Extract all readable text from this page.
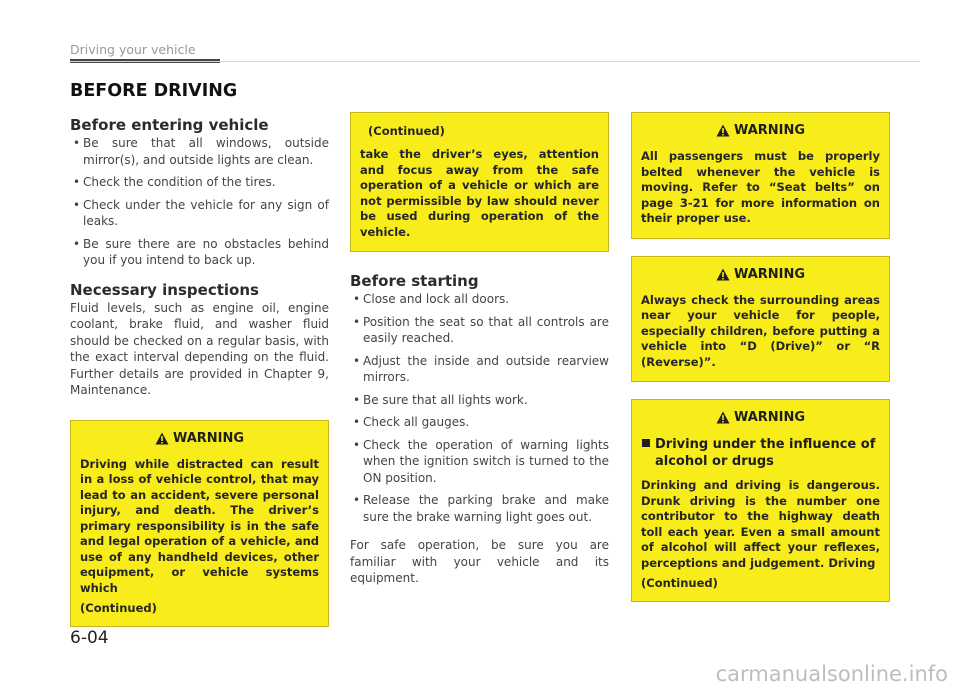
Driving your vehicle
BEFORE DRIVING
Before entering vehicle
• Be sure that all windows, outside mirror(s), and outside lights are clean.
• Check the condition of the tires.
• Check under the vehicle for any sign of leaks.
• Be sure there are no obstacles behind you if you intend to back up.
Necessary inspections

Fluid levels, such as engine oil, engine coolant, brake fluid, and washer fluid should be checked on a regular basis, with the exact interval depending on the fluid. Further details are provided in Chapter 9, Maintenance.

WARNING

Driving while distracted can result in a loss of vehicle control, that may lead to an accident, severe personal injury, and death. The driver’s primary responsibility is in the safe and legal operation of a vehicle, and use of any handheld devices, other equipment, or vehicle systems which

(Continued)
(Continued)

take the driver’s eyes, attention and focus away from the safe operation of a vehicle or which are not permissible by law should never be used during operation of the vehicle.

Before starting
• Close and lock all doors.
• Position the seat so that all controls are easily reached.
• Adjust the inside and outside rearview mirrors.
• Be sure that all lights work.
• Check all gauges.
• Check the operation of warning lights when the ignition switch is turned to the ON position.
• Release the parking brake and make sure the brake warning light goes out.

For safe operation, be sure you are familiar with your vehicle and its equipment.

WARNING

All passengers must be properly belted whenever the vehicle is moving. Refer to “Seat belts” on page 3-21 for more information on their proper use.

WARNING

Always check the surrounding areas near your vehicle for people, especially children, before putting a vehicle into “D (Drive)” or “R (Reverse)”.

WARNING
Driving under the influence of alcohol or drugs

Drinking and driving is dangerous. Drunk driving is the number one contributor to the highway death toll each year. Even a small amount of alcohol will affect your reflexes, perceptions and judgement. Driving

(Continued)
6-04
carmanualsonline.info
